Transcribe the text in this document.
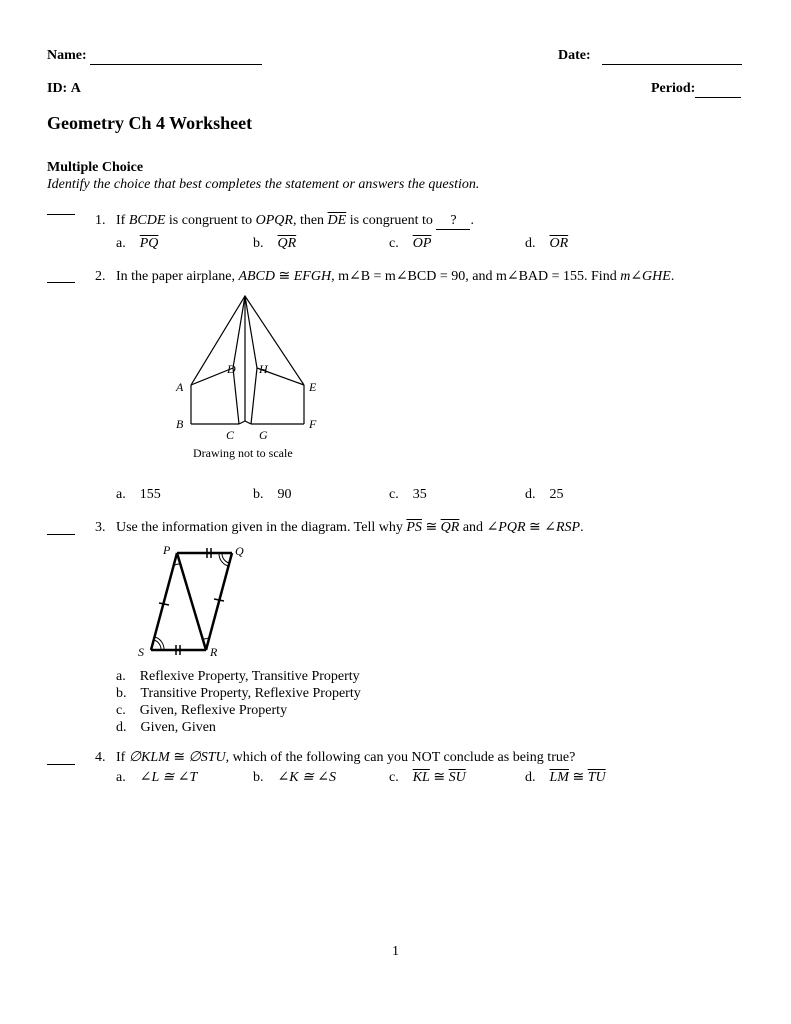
Name:	Date:
ID: A	Period:
Geometry Ch 4 Worksheet
Multiple Choice
Identify the choice that best completes the statement or answers the question.
1. If BCDE is congruent to OPQR, then $\overline{DE}$ is congruent to ? .
a. $\overline{PQ}$	b. $\overline{QR}$	c. $\overline{OP}$	d. $\overline{OR}$
2. In the paper airplane, ABCD ≅ EFGH, m∠B = m∠BCD = 90, and m∠BAD = 155. Find m∠GHE.
A
B
C
D
E
F
G
H
Drawing not to scale
a. 155	b. 90	c. 35	d. 25
3. Use the information given in the diagram. Tell why $\overline{PS}$ ≅ $\overline{QR}$ and ∠PQR ≅ ∠RSP.
P	Q
R
S
a. Reflexive Property, Transitive Property
b. Transitive Property, Reflexive Property
c. Given, Reflexive Property
d. Given, Given
4. If ∅KLM ≅ ∅STU, which of the following can you NOT conclude as being true?
a. ∠L ≅ ∠T	b. ∠K ≅ ∠S	c. $\overline{KL}$ ≅ $\overline{SU}$	d. $\overline{LM}$ ≅ $\overline{TU}$
1
